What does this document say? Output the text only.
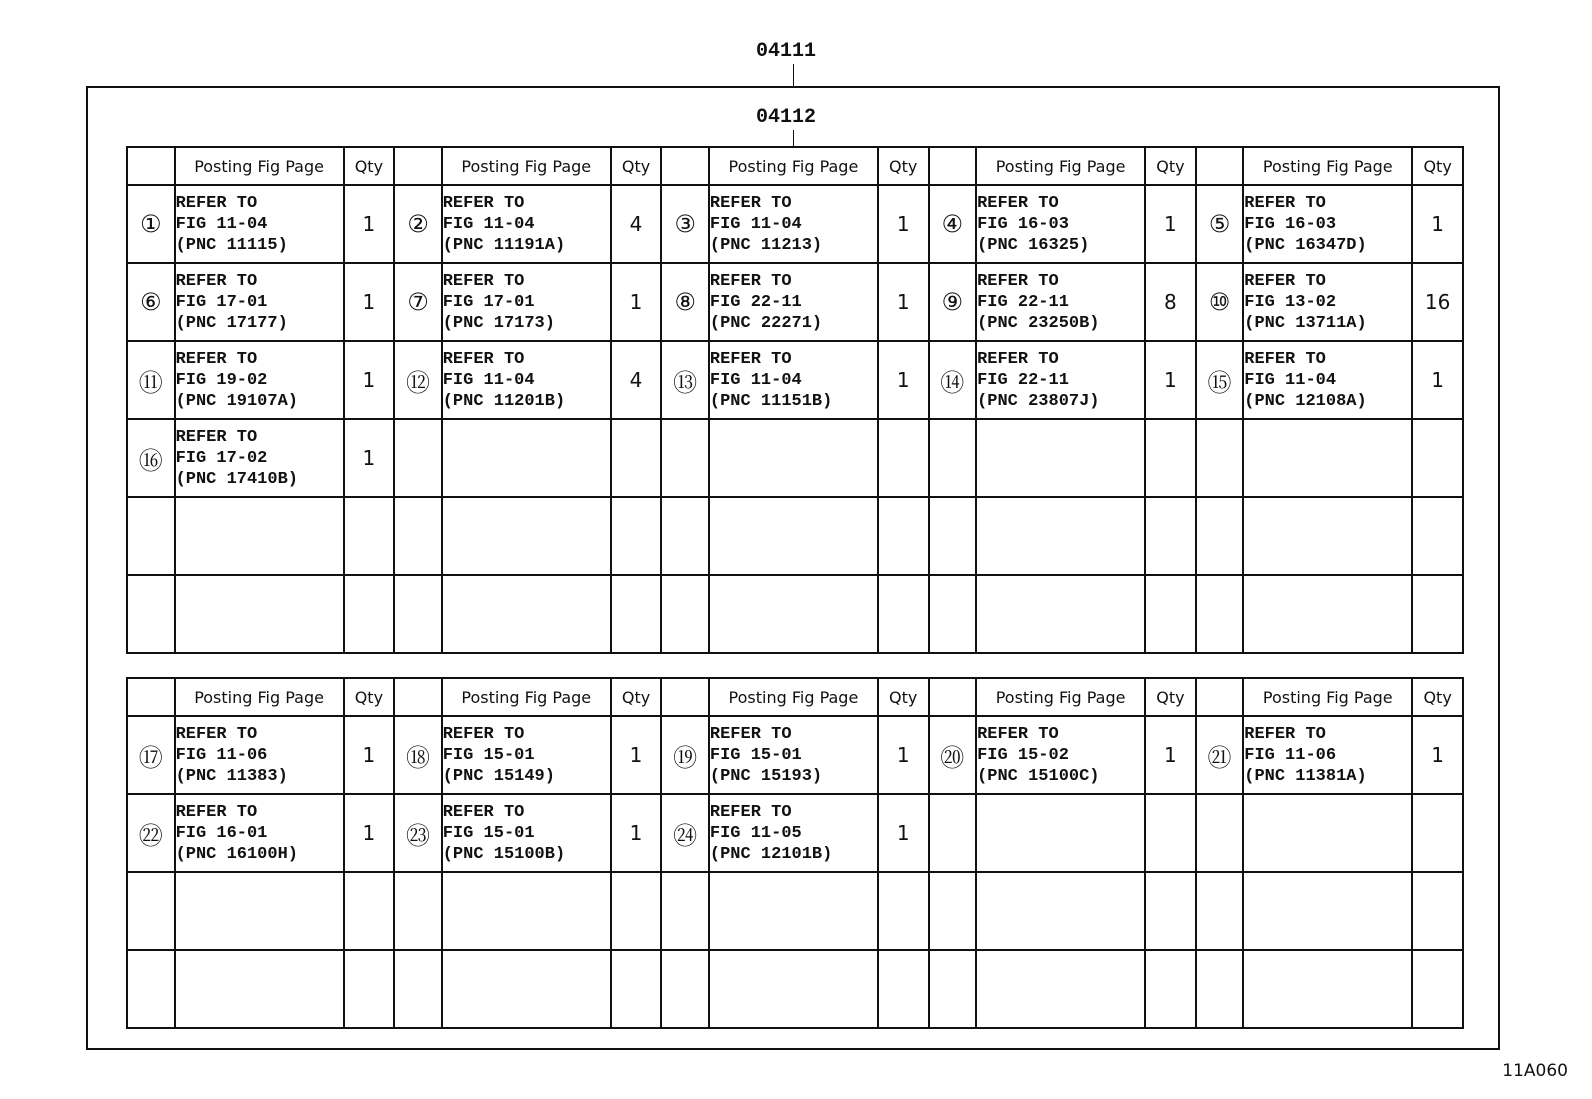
04111
04112
	Posting Fig Page	Qty		Posting Fig Page	Qty		Posting Fig Page	Qty		Posting Fig Page	Qty		Posting Fig Page	Qty
①	REFER TO
FIG 11-04
(PNC 11115)	1	②	REFER TO
FIG 11-04
(PNC 11191A)	4	③	REFER TO
FIG 11-04
(PNC 11213)	1	④	REFER TO
FIG 16-03
(PNC 16325)	1	⑤	REFER TO
FIG 16-03
(PNC 16347D)	1
⑥	REFER TO
FIG 17-01
(PNC 17177)	1	⑦	REFER TO
FIG 17-01
(PNC 17173)	1	⑧	REFER TO
FIG 22-11
(PNC 22271)	1	⑨	REFER TO
FIG 22-11
(PNC 23250B)	8	⑩	REFER TO
FIG 13-02
(PNC 13711A)	16
⑪	REFER TO
FIG 19-02
(PNC 19107A)	1	⑫	REFER TO
FIG 11-04
(PNC 11201B)	4	⑬	REFER TO
FIG 11-04
(PNC 11151B)	1	⑭	REFER TO
FIG 22-11
(PNC 23807J)	1	⑮	REFER TO
FIG 11-04
(PNC 12108A)	1
⑯	REFER TO
FIG 17-02
(PNC 17410B)	1												

	Posting Fig Page	Qty		Posting Fig Page	Qty		Posting Fig Page	Qty		Posting Fig Page	Qty		Posting Fig Page	Qty
⑰	REFER TO
FIG 11-06
(PNC 11383)	1	⑱	REFER TO
FIG 15-01
(PNC 15149)	1	⑲	REFER TO
FIG 15-01
(PNC 15193)	1	⑳	REFER TO
FIG 15-02
(PNC 15100C)	1	㉑	REFER TO
FIG 11-06
(PNC 11381A)	1
㉒	REFER TO
FIG 16-01
(PNC 16100H)	1	㉓	REFER TO
FIG 15-01
(PNC 15100B)	1	㉔	REFER TO
FIG 11-05
(PNC 12101B)	1						

11A060
